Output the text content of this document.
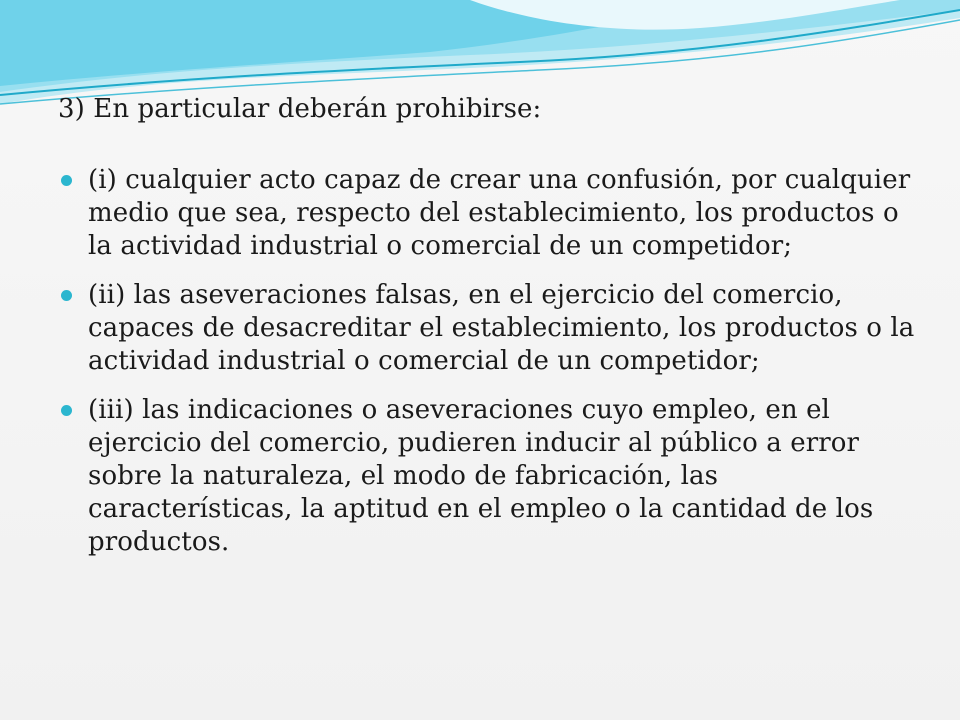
3) En particular deberán prohibirse:
(i) cualquier acto capaz de crear una confusión, por cualquier medio que sea, respecto del establecimiento, los productos o la actividad industrial o comercial de un competidor;
(ii) las aseveraciones falsas, en el ejercicio del comercio, capaces de desacreditar el establecimiento, los productos o la actividad industrial o comercial de un competidor;
(iii) las indicaciones o aseveraciones cuyo empleo, en el ejercicio del comercio, pudieren inducir al público a error sobre la naturaleza, el modo de fabricación, las características, la aptitud en el empleo o la cantidad de los productos.
